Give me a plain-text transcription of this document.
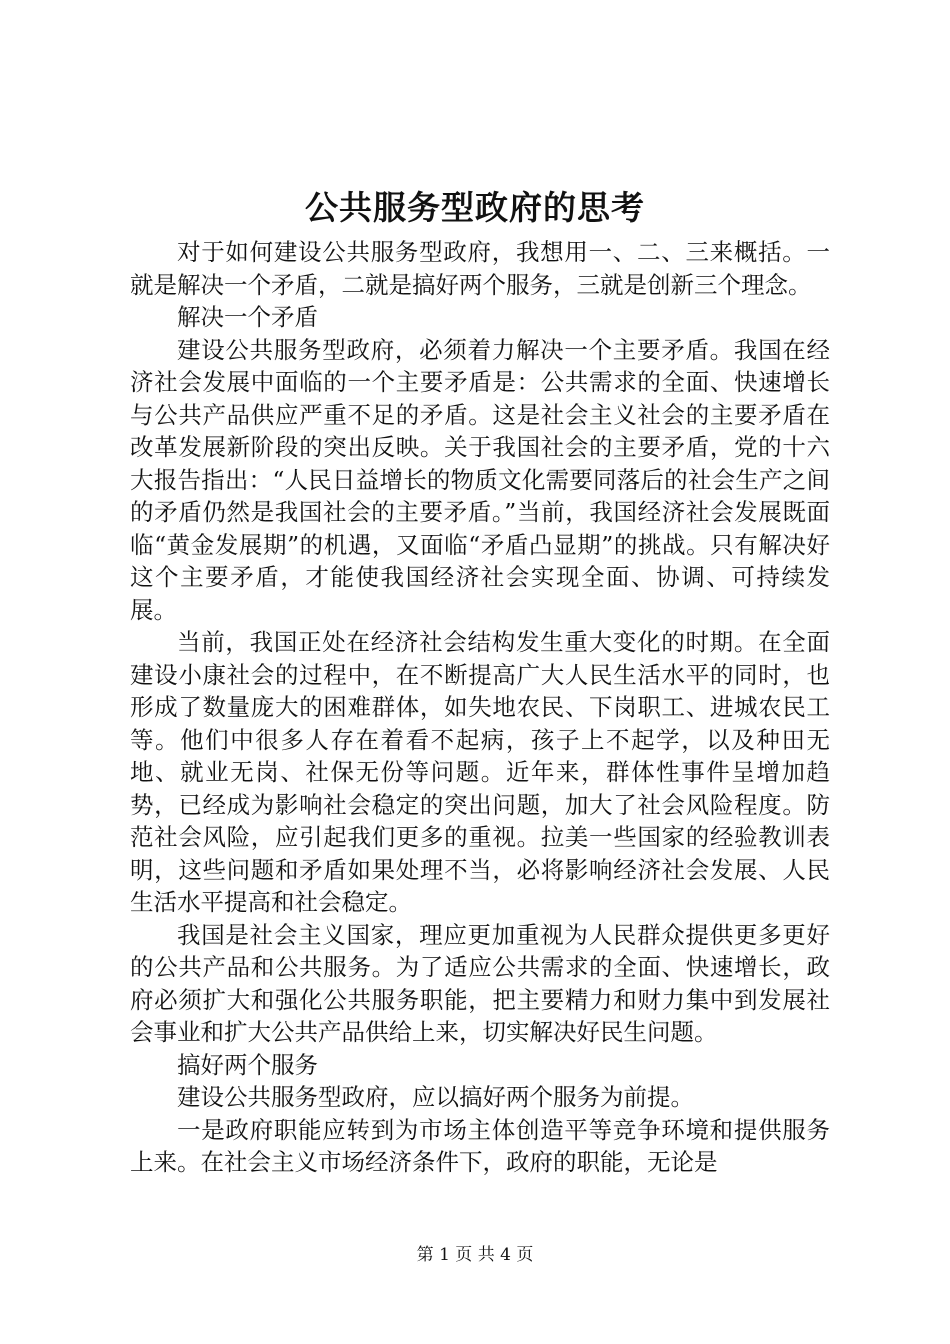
公共服务型政府的思考

对于如何建设公共服务型政府，我想用一、二、三来概括。一就是解决一个矛盾，二就是搞好两个服务，三就是创新三个理念。

解决一个矛盾

建设公共服务型政府，必须着力解决一个主要矛盾。我国在经济社会发展中面临的一个主要矛盾是：公共需求的全面、快速增长与公共产品供应严重不足的矛盾。这是社会主义社会的主要矛盾在改革发展新阶段的突出反映。关于我国社会的主要矛盾，党的十六大报告指出：“人民日益增长的物质文化需要同落后的社会生产之间的矛盾仍然是我国社会的主要矛盾。”当前，我国经济社会发展既面临“黄金发展期”的机遇，又面临“矛盾凸显期”的挑战。只有解决好这个主要矛盾，才能使我国经济社会实现全面、协调、可持续发展。

当前，我国正处在经济社会结构发生重大变化的时期。在全面建设小康社会的过程中，在不断提高广大人民生活水平的同时，也形成了数量庞大的困难群体，如失地农民、下岗职工、进城农民工等。他们中很多人存在着看不起病，孩子上不起学，以及种田无地、就业无岗、社保无份等问题。近年来，群体性事件呈增加趋势，已经成为影响社会稳定的突出问题，加大了社会风险程度。防范社会风险，应引起我们更多的重视。拉美一些国家的经验教训表明，这些问题和矛盾如果处理不当，必将影响经济社会发展、人民生活水平提高和社会稳定。

我国是社会主义国家，理应更加重视为人民群众提供更多更好的公共产品和公共服务。为了适应公共需求的全面、快速增长，政府必须扩大和强化公共服务职能，把主要精力和财力集中到发展社会事业和扩大公共产品供给上来，切实解决好民生问题。

搞好两个服务

建设公共服务型政府，应以搞好两个服务为前提。

一是政府职能应转到为市场主体创造平等竞争环境和提供服务上来。在社会主义市场经济条件下，政府的职能，无论是

第 1 页 共 4 页
